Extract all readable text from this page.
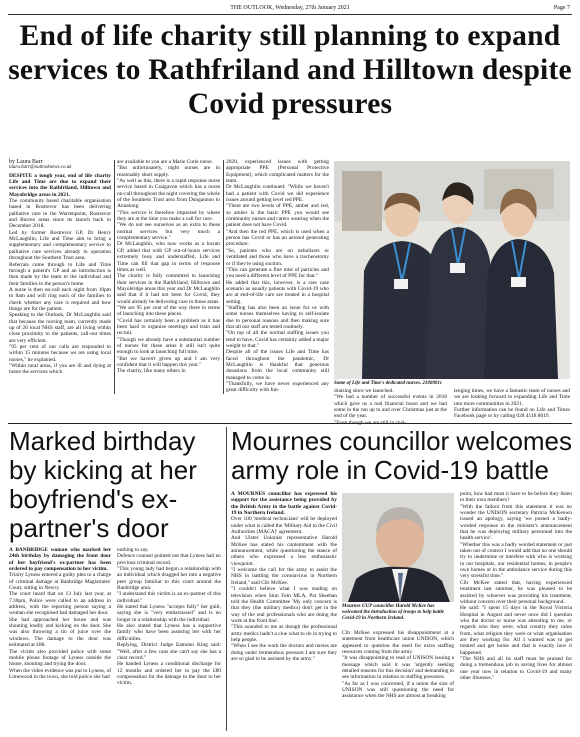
THE OUTLOOK, Wednesday, 27th January 2021	Page 7
End of life charity still planning to expand services to Rathfriland and Hilltown despite Covid pressures
by Laura Barr
laura.barr@outlooknews.co.uk

DESPITE a tough year, end of life charity Life and Time are due to expand their services into the Rathfriland, Hilltown and Mayobridge areas in 2021.

The community based charitable organisation based in Rostrevor has been delivering palliative care in the Warrenpoint, Rostrevor and Burren areas since its launch back in December 2018.

Led by former Rostrevor GP, Dr Henry McLaughlin, Life and Time aim to bring a supplementary and complementary service to palliative care services already in operation throughout the Southern Trust area.

Referrals come through to Life and Time through a patient's GP and an introduction is then made by the team to the individual and their families in the person's home.

A nurse is then on-call each night from 10pm to 8am and will ring each of the families to check whether any care is required and how things are for the patient.

Speaking to the Outlook, Dr McLaughlin said that because the nursing team, currently made up of 20 local NHS staff, are all living within close proximity to the patients, call-out times are very efficient.

"95 per cent of our calls are responded to within 15 minutes because we are using local nurses," he explained.

"Within rural areas, if you are ill and dying at home the services which

are available to you are a Marie Curie nurse.

"But unfortunately, night nurses are in reasonably short supply.

"As well as this, there is a rapid response nurse service based in Craigavon which has a nurse on-call throughout the night covering the whole of the Southern Trust area from Dungannon to Annalong.

"This service is therefore impacted by where they are at the time you make a call for care.

"We do not see ourselves as an extra to these normal services but very much a complementary service."

Dr McLaughlin, who now works as a locum GP, added that with GP out-of-hours services extremely busy and understaffed, Life and Time can fill that gap in terms of response times as well.

The charity is fully committed to launching their services in the Rathfriland, Hilltown and Mayobridge areas this year and Dr McLaughlin said that if it had not been for Covid, they would already be delivering care in those areas.

"We are 95 per cent of the way there in terms of launching into these places.

"Covid has certainly been a problem as it has been hard to organise meetings and train and recruit.

"Though we already have a substantial number of nurses for these areas it still isn't quite enough to look at launching full time.

"But we haven't given up and I am very confident that it will happen this year."

The charity, like many others in

2020, experienced issues with getting appropriate PPE (Personal Protective Equipment), which complicated matters for the team.

Dr McLaughlin continued: "While we haven't had a patient with Covid we did experience issues around getting level red PPE.

"There are two levels of PPE, amber and red, so amber is the basic PPE you would see community nurses and carers wearing when the patient does not have Covid.

"And then the red PPE, which is used when a person has Covid or has an aerosol generating procedure.

"So, patients who are on nebulisers or ventilated and those who have a tracheostomy or if they're using suction.

"This can generate a fine mist of particles and you need a different level of PPE for that."

He added that this, however, is a rare case scenario as usually patients with Covid-19 who are at end-of-life care are treated in a hospital setting.

"Staffing has also been an issue for us with some nurses themselves having to self-isolate due to personal reasons and then making sure that all our staff are tested routinely.

"On top of all the normal staffing issues you tend to have, Covid has certainly added a major weight to that."

Despite all of the issues Life and Time has faced throughout the pandemic, Dr McLaughlin is thankful that generous donations from the local community still managed to come in.

"Thankfully, we have never experienced any great difficulty with fun-

Some of Life and Time's dedicated nurses. 2100901c

draising since we launched.

"We had a number of successful events in 2018 which gave us a real financial boost and we had some in the run up to and over Christmas just at the end of the year.

"Even though we are still in chal-

lenging times, we have a fantastic team of nurses and we are looking forward to expanding Life and Time into more communities in 2021.

Further information can be found on Life and Times Facebook page or by calling 028 4118 8019.

Marked birthday by kicking at her boyfriend's ex-partner's door

A BANBRIDGE woman who marked her 24th birthday by damaging the front door of her boyfriend's ex-partner has been ordered to pay compensation to her victim.

Trinity Lyness entered a guilty plea to a charge of criminal damage at Banbridge Magistrates' Court, sitting in Newry.

The court heard that on 13 July last year, at 7.30pm, Police were called to an address in address, with the reporting person saying a woman she recognised had damaged her door.

She had approached her house and was shouting loudly and kicking on the door. She was also throwing a tin of juice over the windows. The damage to the door was estimated at £80.

The victim also provided police with some mobile phone footage of Lyness outside the house, shouting and trying the door.

When the video evidence was put to Lyness, of Limewood in the town, she told police she had

nothing to say.

Defence counsel pointed out that Lyness had no previous criminal record.

"This young lady had begun a relationship with an individual which dragged her into a negative peer group familiar to this court around the Banbridge area.

"I understand this victim is an ex-partner of this individual."

He stated that Lyness "accepts fully" her guilt, saying she is "very embarrassed" and is no longer in a relationship with the individual.

He also stated that Lyness has a supportive family who have been assisting her with her difficulties.

Replying, District Judge Eamonn King said: "Well, after a few cans she can't say she has a clear record."

He handed Lyness a conditional discharge for 12 months and ordered her to pay the £80 compensation for the damage to the door to her victim.

Mournes councillor welcomes army role in Covid-19 battle

A MOURNES councillor has expressed his support for the assistance being provided by the British Army in the battle against Covid-19 in Northern Ireland.

Over 100 'medical technicians' will be deployed under what is called the 'Military Aid to the Civil Authorities (MACA)' agreement.

And Ulster Unionist representative Harold McKee has stated his contentment with the announcement, while questioning the stance of others who expressed a less enthusiastic viewpoint.

"I welcome the call for the army to assist the NHS in battling the coronavirus in Northern Ireland," said Cllr McKee.

"I couldn't believe what I was reading on television when Sinn Fein MLA, Pat Sheehan told the Health Committee 'My only concern is that they (the military medics) don't get in the way of the real professionals who are doing the work at the front line'.

"This sounded to me as though the professional army medics hadn't a clue what to do in trying to help people.

"When I see the work the doctors and nurses are doing under tremendous pressure I am sure they are so glad to be assisted by the army."

Mournes UUP councillor Harold McKee has welcomed the introduction of troops to help battle Covid-19 in Northern Ireland.

Cllr McKee expressed his disappointment at a statement from healthcare union UNISON, which appeared to question the need for extra staffing resources coming from the army.

"It was disappointing to read of UNISON issuing a message which said it was 'urgently seeking detailed reasons for this decision' and demanding to see information in relation to staffing pressures.

"As far as I was concerned, if a union the size of UNISON was still questioning the need for assistance when the NHS are almost at breaking

point, how bad must it have to be before they listen to their own members?

"With the fallout from this statement it was no wonder the UNISON secretary Patricia McKeown issued an apology, saying 'we posted a badly-worded response to the minister's announcement that he was deploying military personnel into the health service'.

"Whether this was a badly worded statement or just taken out of context I would add that no one should try to undermine or interfere with who is working in our hospitals, our residential homes, in people's own homes or in the ambulance service during this very stressful time."

Cllr McKee stated that, having experienced treatment last summer, he was pleased to be assisted by whoever was providing his treatment, without concern over their personal background.

He said: "I spent 15 days in the Royal Victoria Hospital in August and never once did I question who the doctor or nurse was attending to me, or regards who they were, what country they came from, what religion they were or what organisation are they working for. All I wanted was to get treated and get home and that is exactly how it happened.

"The NHS and all its staff must be praised for doing a tremendous job in saving lives for almost one year now in relation to Covid-19 and many other illnesses."
